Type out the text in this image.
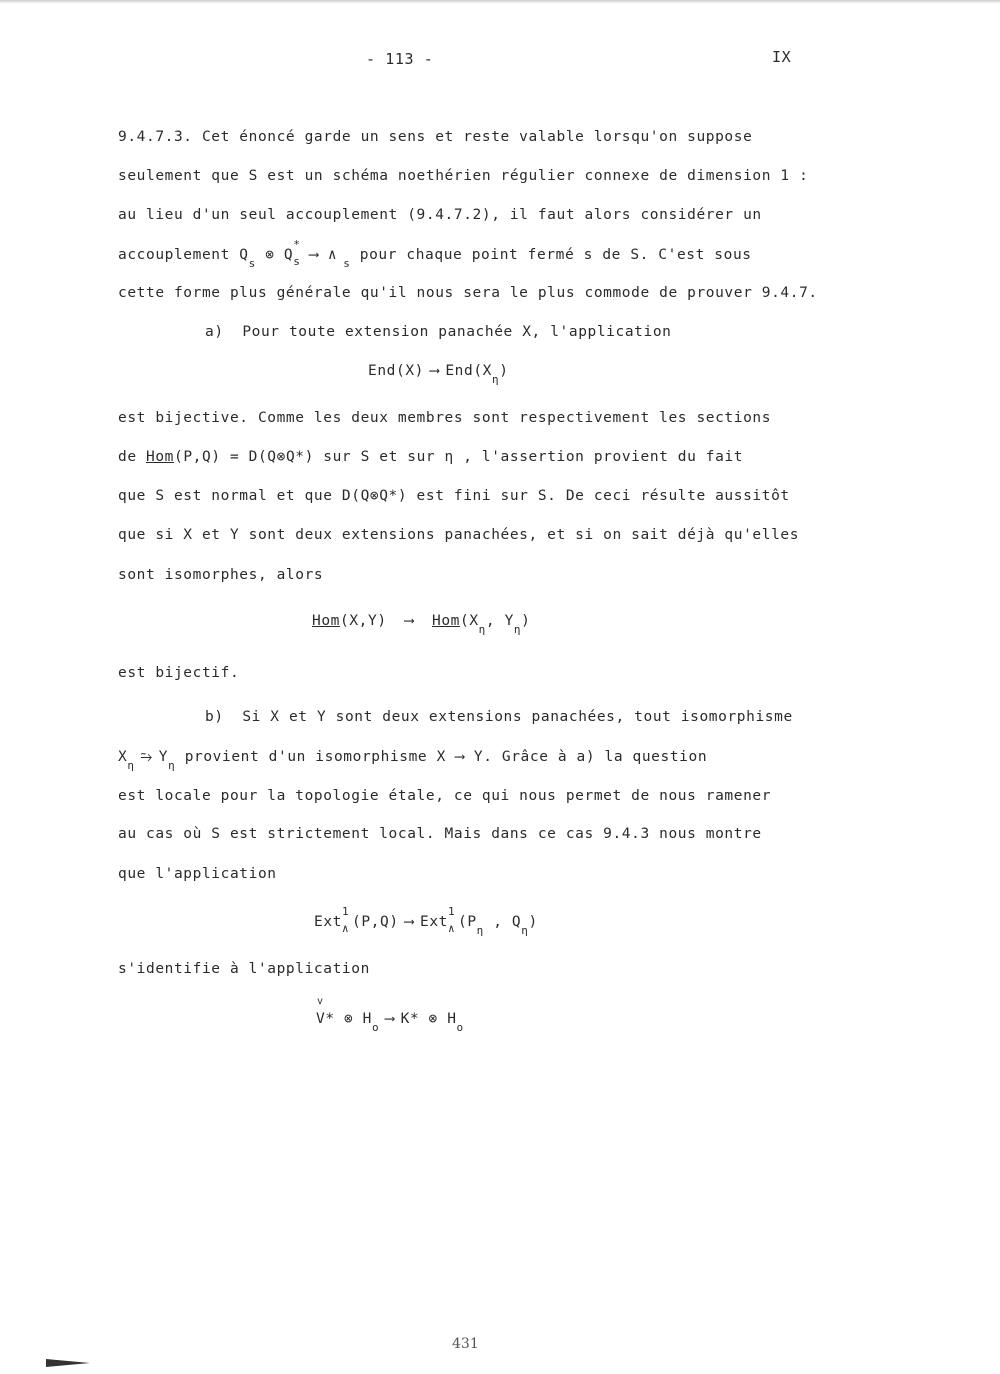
- 113 -	IX
9.4.7.3. Cet énoncé garde un sens et reste valable lorsqu'on suppose
seulement que S est un schéma noethérien régulier connexe de dimension 1 :
au lieu d'un seul accouplement (9.4.7.2), il faut alors considérer un
accouplement $Q_s$ ⊗ Q
*
s ⟶ $\wedge_s$ pour chaque point fermé s de S. C'est sous
cette forme plus générale qu'il nous sera le plus commode de prouver 9.4.7.
a)  Pour toute extension panachée X, l'application
End(X) ⟶ $End(X_\eta)$
est bijective. Comme les deux membres sont respectivement les sections
de Hom(P,Q) = D(Q⊗Q*) sur S et sur η , l'assertion provient du fait
que S est normal et que D(Q⊗Q*) est fini sur S. De ceci résulte aussitôt
que si X et Y sont deux extensions panachées, et si on sait déjà qu'elles
sont isomorphes, alors
Hom(X,Y) ⟶ $Hom(X_\eta$, $Y_\eta$)
est bijectif.
b)  Si X et Y sont deux extensions panachées, tout isomorphisme
$X_\eta⥲$ $Y_\eta$ provient d'un isomorphisme X ⟶ Y. Grâce à a) la question
est locale pour la topologie étale, ce qui nous permet de nous ramener
au cas où S est strictement local. Mais dans ce cas 9.4.3 nous montre
que l'application
Ext
1
∧ (P,Q) ⟶ Ext
1
∧ ($P_\eta$ , $Q_\eta$)
s'identifie à l'application
v V* ⊗ $H_o⟶$ K* ⊗ $H_o$
431
